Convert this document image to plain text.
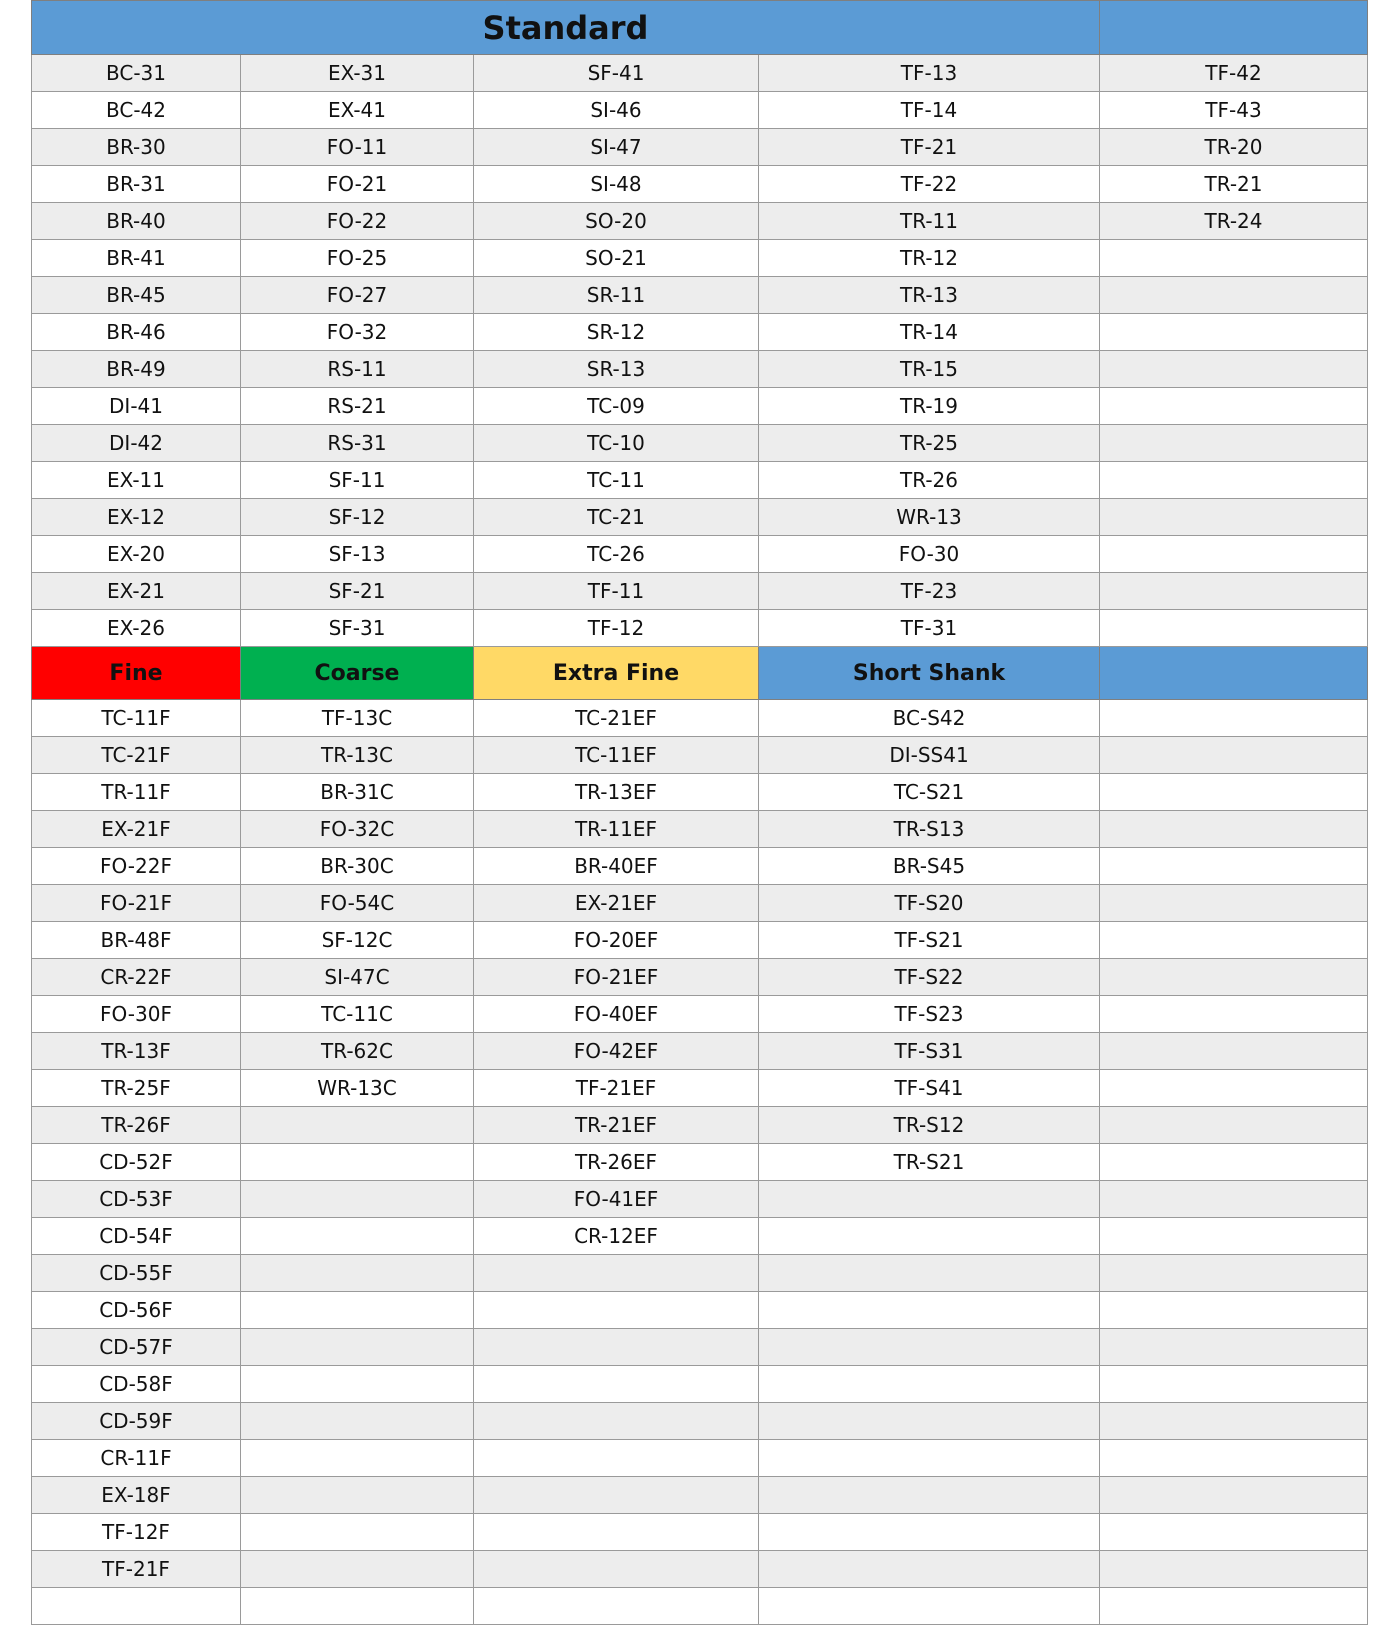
Standard				
BC-31	EX-31	SF-41	TF-13	TF-42
BC-42	EX-41	SI-46	TF-14	TF-43
BR-30	FO-11	SI-47	TF-21	TR-20
BR-31	FO-21	SI-48	TF-22	TR-21
BR-40	FO-22	SO-20	TR-11	TR-24
BR-41	FO-25	SO-21	TR-12	
BR-45	FO-27	SR-11	TR-13	
BR-46	FO-32	SR-12	TR-14	
BR-49	RS-11	SR-13	TR-15	
DI-41	RS-21	TC-09	TR-19	
DI-42	RS-31	TC-10	TR-25	
EX-11	SF-11	TC-11	TR-26	
EX-12	SF-12	TC-21	WR-13	
EX-20	SF-13	TC-26	FO-30	
EX-21	SF-21	TF-11	TF-23	
EX-26	SF-31	TF-12	TF-31	
Fine	Coarse	Extra Fine	Short Shank	
TC-11F	TF-13C	TC-21EF	BC-S42	
TC-21F	TR-13C	TC-11EF	DI-SS41	
TR-11F	BR-31C	TR-13EF	TC-S21	
EX-21F	FO-32C	TR-11EF	TR-S13	
FO-22F	BR-30C	BR-40EF	BR-S45	
FO-21F	FO-54C	EX-21EF	TF-S20	
BR-48F	SF-12C	FO-20EF	TF-S21	
CR-22F	SI-47C	FO-21EF	TF-S22	
FO-30F	TC-11C	FO-40EF	TF-S23	
TR-13F	TR-62C	FO-42EF	TF-S31	
TR-25F	WR-13C	TF-21EF	TF-S41	
TR-26F		TR-21EF	TR-S12	
CD-52F		TR-26EF	TR-S21	
CD-53F		FO-41EF		
CD-54F		CR-12EF		
CD-55F				
CD-56F				
CD-57F				
CD-58F				
CD-59F				
CR-11F				
EX-18F				
TF-12F				
TF-21F				
